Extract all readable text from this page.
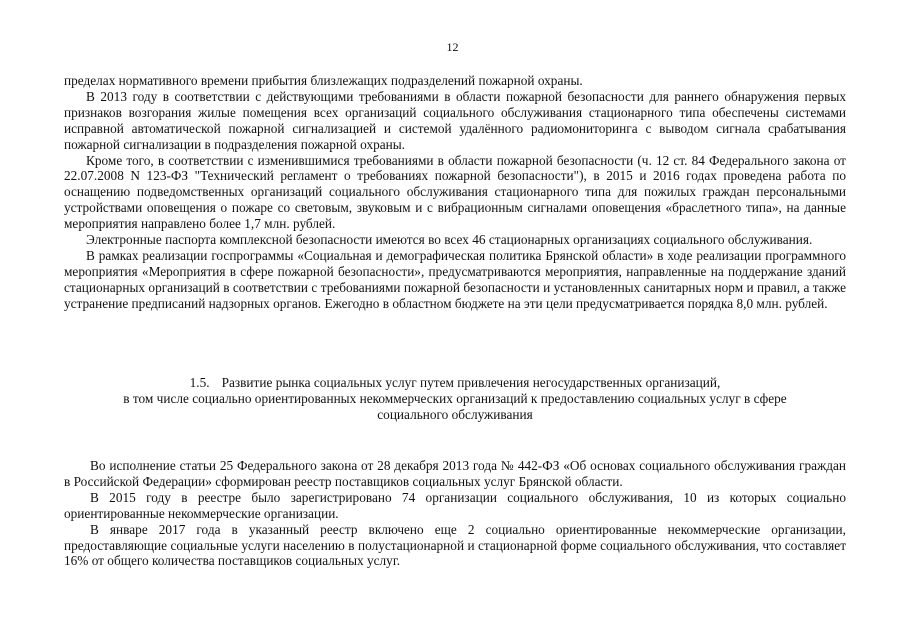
12

пределах нормативного времени прибытия близлежащих подразделений пожарной охраны.

В 2013 году в соответствии с действующими требованиями в области пожарной безопасности для раннего обнаружения первых признаков возгорания жилые помещения всех организаций социального обслуживания стационарного типа обеспечены системами исправной автоматической пожарной сигнализацией и системой удалённого радиомониторинга с выводом сигнала срабатывания пожарной сигнализации в подразделения пожарной охраны.

Кроме того, в соответствии с изменившимися требованиями в области пожарной безопасности (ч. 12 ст. 84 Федерального закона от 22.07.2008 N 123-ФЗ "Технический регламент о требованиях пожарной безопасности"), в 2015 и 2016 годах проведена работа по оснащению подведомственных организаций социального обслуживания стационарного типа для пожилых граждан персональными устройствами оповещения о пожаре со световым, звуковым и с вибрационным сигналами оповещения «браслетного типа», на данные мероприятия направлено более 1,7 млн. рублей.

Электронные паспорта комплексной безопасности имеются во всех 46 стационарных организациях социального обслуживания.

В рамках реализации госпрограммы «Социальная и демографическая политика Брянской области» в ходе реализации программного мероприятия «Мероприятия в сфере пожарной безопасности», предусматриваются мероприятия, направленные на поддержание зданий стационарных организаций в соответствии с требованиями пожарной безопасности и установленных санитарных норм и правил, а также устранение предписаний надзорных органов. Ежегодно в областном бюджете на эти цели предусматривается порядка 8,0 млн. рублей.

1.5. Развитие рынка социальных услуг путем привлечения негосударственных организаций,
в том числе социально ориентированных некоммерческих организаций к предоставлению социальных услуг в сфере
социального обслуживания

Во исполнение статьи 25 Федерального закона от 28 декабря 2013 года № 442-ФЗ «Об основах социального обслуживания граждан в Российской Федерации» сформирован реестр поставщиков социальных услуг Брянской области.

В 2015 году в реестре было зарегистрировано 74 организации социального обслуживания, 10 из которых социально ориентированные некоммерческие организации.

В январе 2017 года в указанный реестр включено еще 2 социально ориентированные некоммерческие организации, предоставляющие социальные услуги населению в полустационарной и стационарной форме социального обслуживания, что составляет 16% от общего количества поставщиков социальных услуг.
